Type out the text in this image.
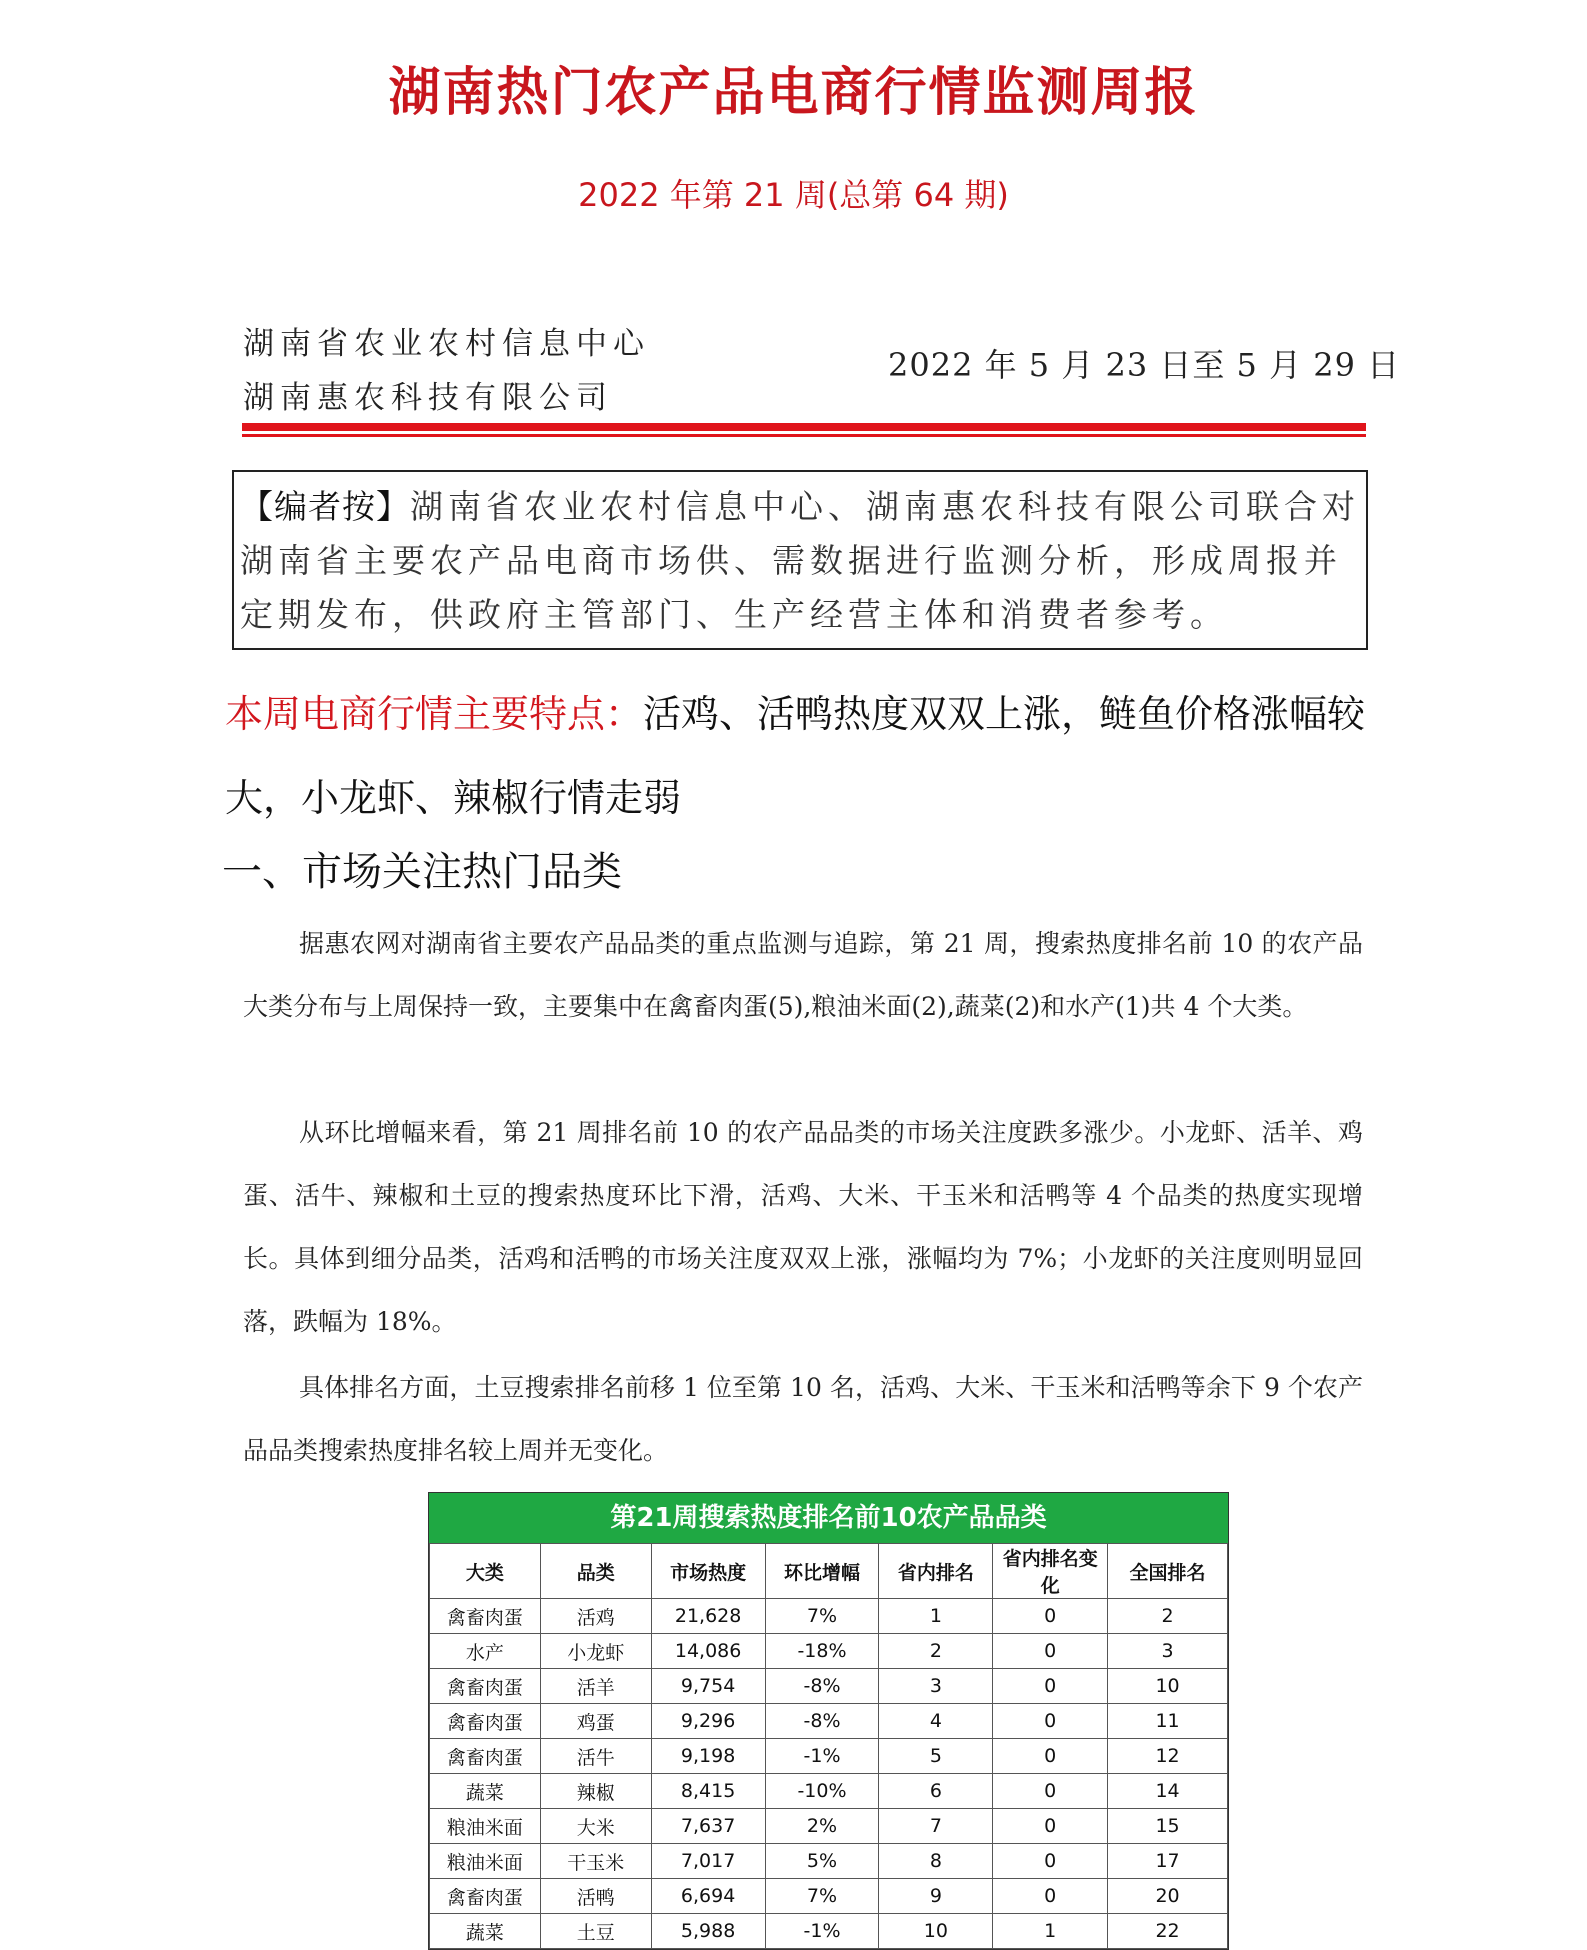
湖南热门农产品电商行情监测周报
2022 年第 21 周(总第 64 期)
湖南省农业农村信息中心
湖南惠农科技有限公司
2022 年 5 月 23 日至 5 月 29 日
【编者按】湖南省农业农村信息中心、湖南惠农科技有限公司联合对湖南省主要农产品电商市场供、需数据进行监测分析，形成周报并定期发布，供政府主管部门、生产经营主体和消费者参考。
本周电商行情主要特点：活鸡、活鸭热度双双上涨，鲢鱼价格涨幅较大，小龙虾、辣椒行情走弱
一、市场关注热门品类
据惠农网对湖南省主要农产品品类的重点监测与追踪，第 21 周，搜索热度排名前 10 的农产品大类分布与上周保持一致，主要集中在禽畜肉蛋(5),粮油米面(2),蔬菜(2)和水产(1)共 4 个大类。
从环比增幅来看，第 21 周排名前 10 的农产品品类的市场关注度跌多涨少。小龙虾、活羊、鸡蛋、活牛、辣椒和土豆的搜索热度环比下滑，活鸡、大米、干玉米和活鸭等 4 个品类的热度实现增长。具体到细分品类，活鸡和活鸭的市场关注度双双上涨，涨幅均为 7%；小龙虾的关注度则明显回落，跌幅为 18%。
具体排名方面，土豆搜索排名前移 1 位至第 10 名，活鸡、大米、干玉米和活鸭等余下 9 个农产品品类搜索热度排名较上周并无变化。
第21周搜索热度排名前10农产品品类
大类	品类	市场热度	环比增幅	省内排名	省内排名变化	全国排名
禽畜肉蛋	活鸡	21,628	7%	1	0	2
水产	小龙虾	14,086	-18%	2	0	3
禽畜肉蛋	活羊	9,754	-8%	3	0	10
禽畜肉蛋	鸡蛋	9,296	-8%	4	0	11
禽畜肉蛋	活牛	9,198	-1%	5	0	12
蔬菜	辣椒	8,415	-10%	6	0	14
粮油米面	大米	7,637	2%	7	0	15
粮油米面	干玉米	7,017	5%	8	0	17
禽畜肉蛋	活鸭	6,694	7%	9	0	20
蔬菜	土豆	5,988	-1%	10	1	22
